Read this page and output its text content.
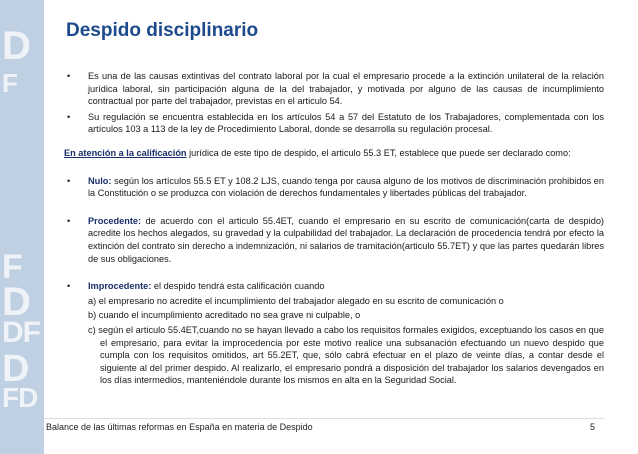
D
F
F
D
DF
D
FD
Despido disciplinario

• Es una de las causas extintivas del contrato laboral por la cual el empresario procede a la extinción unilateral de la relación jurídica laboral, sin participación alguna de la del trabajador, y motivada por alguno de las causas de incumplimiento contractual por parte del trabajador, previstas en el articulo 54.

• Su regulación se encuentra establecida en los artículos 54 a 57 del Estatuto de los Trabajadores, complementada con los artículos 103 a 113 de la ley de Procedimiento Laboral, donde se desarrolla su regulación procesal.

En atención a la calificación jurídica de este tipo de despido, el articulo 55.3 ET, establece que puede ser declarado como:

• Nulo: según los artículos 55.5 ET y 108.2 LJS, cuando tenga por causa alguno de los motivos de discriminación prohibidos en la Constitución o se produzca con violación de derechos fundamentales y libertades públicas del trabajador.

• Procedente: de acuerdo con el articulo 55.4ET, cuando el empresario en su escrito de comunicación(carta de despido) acredite los hechos alegados, su gravedad y la culpabilidad del trabajador. La declaración de procedencia tendrá por efecto la extinción del contrato sin derecho a indemnización, ni salarios de tramitación(articulo 55.7ET) y que las partes quedarán libres de sus obligaciones.

• Improcedente: el despido tendrá esta calificación cuando

a) el empresario no acredite el incumplimiento del trabajador alegado en su escrito de comunicación o
b) cuando el incumplimiento acreditado no sea grave ni culpable, o
c) según el articulo 55.4ET,cuando no se hayan llevado a cabo los requisitos formales exigidos, exceptuando los casos en que el empresario, para evitar la improcedencia por este motivo realice una subsanación efectuando un nuevo despido que cumpla con los requisitos omitidos, art 55.2ET, que, sólo cabrá efectuar en el plazo de veinte días, a contar desde el siguiente al del primer despido. Al realizarlo, el empresario pondrá a disposición del trabajador los salarios devengados en los días intermedios, manteniéndole durante los mismos en alta en la Seguridad Social.
Balance de las últimas reformas en España en materia de Despido	5
